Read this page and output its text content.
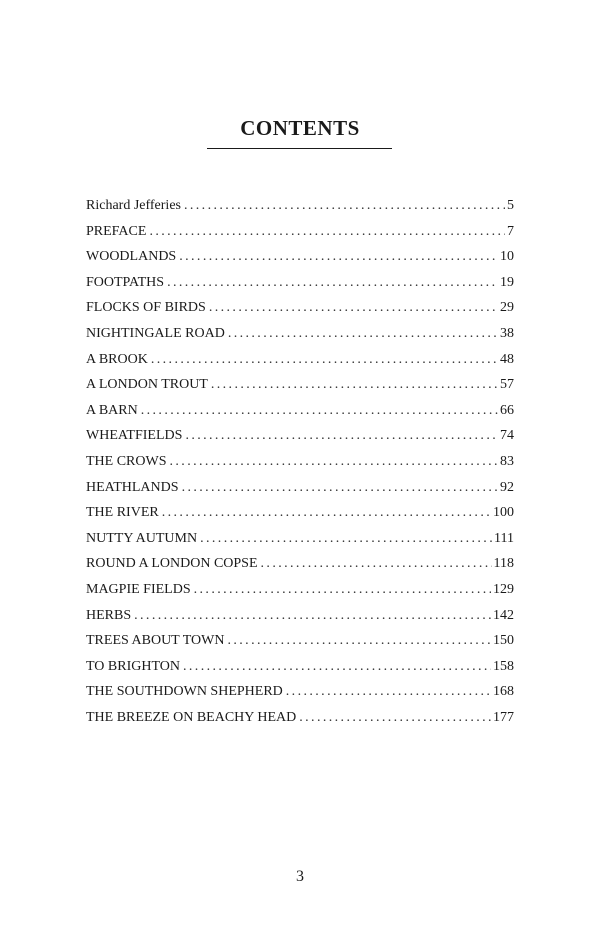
CONTENTS
Richard Jefferies .....	5
PREFACE .....	7
WOODLANDS .....	10
FOOTPATHS .....	19
FLOCKS OF BIRDS .....	29
NIGHTINGALE ROAD .....	38
A BROOK .....	48
A LONDON TROUT .....	57
A BARN .....	66
WHEATFIELDS .....	74
THE CROWS .....	83
HEATHLANDS .....	92
THE RIVER .....	100
NUTTY AUTUMN .....	111
ROUND A LONDON COPSE .....	118
MAGPIE FIELDS .....	129
HERBS .....	142
TREES ABOUT TOWN .....	150
TO BRIGHTON .....	158
THE SOUTHDOWN SHEPHERD .....	168
THE BREEZE ON BEACHY HEAD .....	177
3
